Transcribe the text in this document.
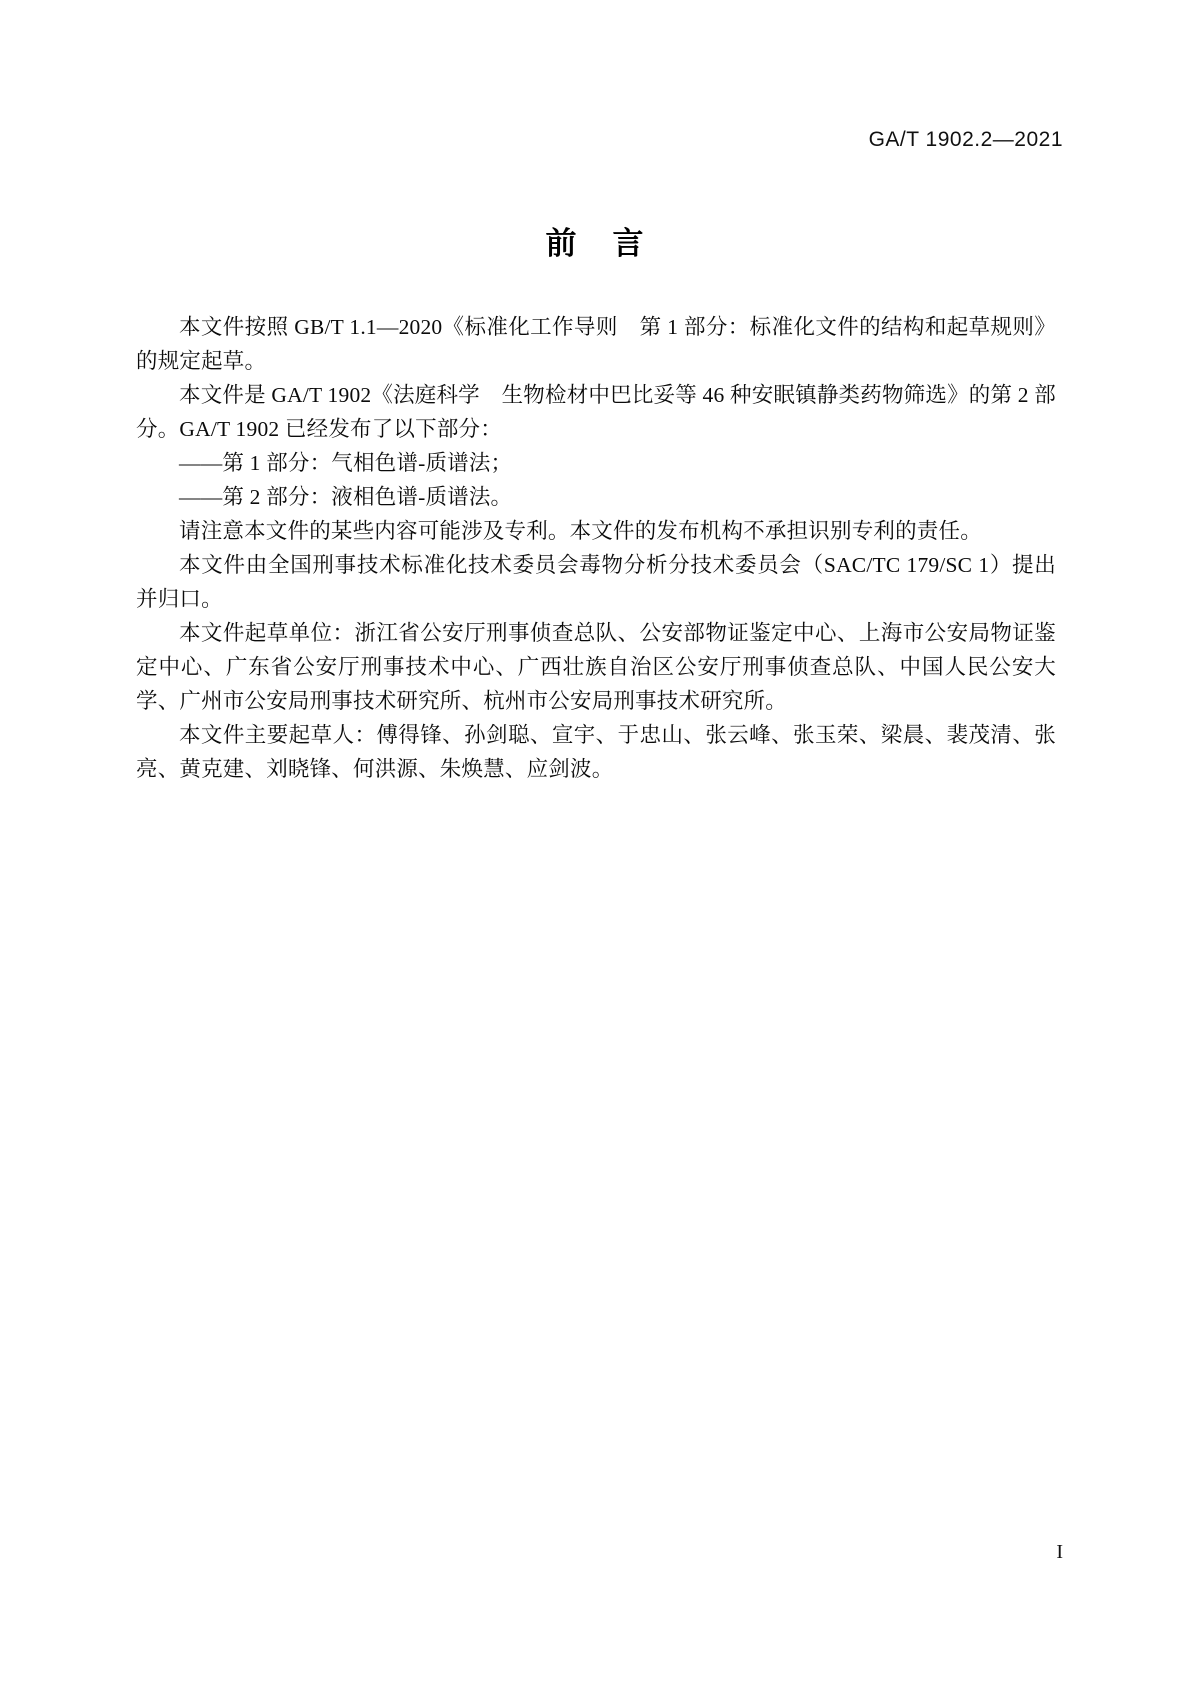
GA/T 1902.2—2021
前 言

本文件按照 GB/T 1.1—2020《标准化工作导则　第 1 部分：标准化文件的结构和起草规则》的规定起草。

本文件是 GA/T 1902《法庭科学　生物检材中巴比妥等 46 种安眠镇静类药物筛选》的第 2 部分。GA/T 1902 已经发布了以下部分：

——第 1 部分：气相色谱-质谱法；

——第 2 部分：液相色谱-质谱法。

请注意本文件的某些内容可能涉及专利。本文件的发布机构不承担识别专利的责任。

本文件由全国刑事技术标准化技术委员会毒物分析分技术委员会（SAC/TC 179/SC 1）提出并归口。

本文件起草单位：浙江省公安厅刑事侦查总队、公安部物证鉴定中心、上海市公安局物证鉴定中心、广东省公安厅刑事技术中心、广西壮族自治区公安厅刑事侦查总队、中国人民公安大学、广州市公安局刑事技术研究所、杭州市公安局刑事技术研究所。

本文件主要起草人：傅得锋、孙剑聪、宣宇、于忠山、张云峰、张玉荣、梁晨、裴茂清、张亮、黄克建、刘晓锋、何洪源、朱焕慧、应剑波。

I
